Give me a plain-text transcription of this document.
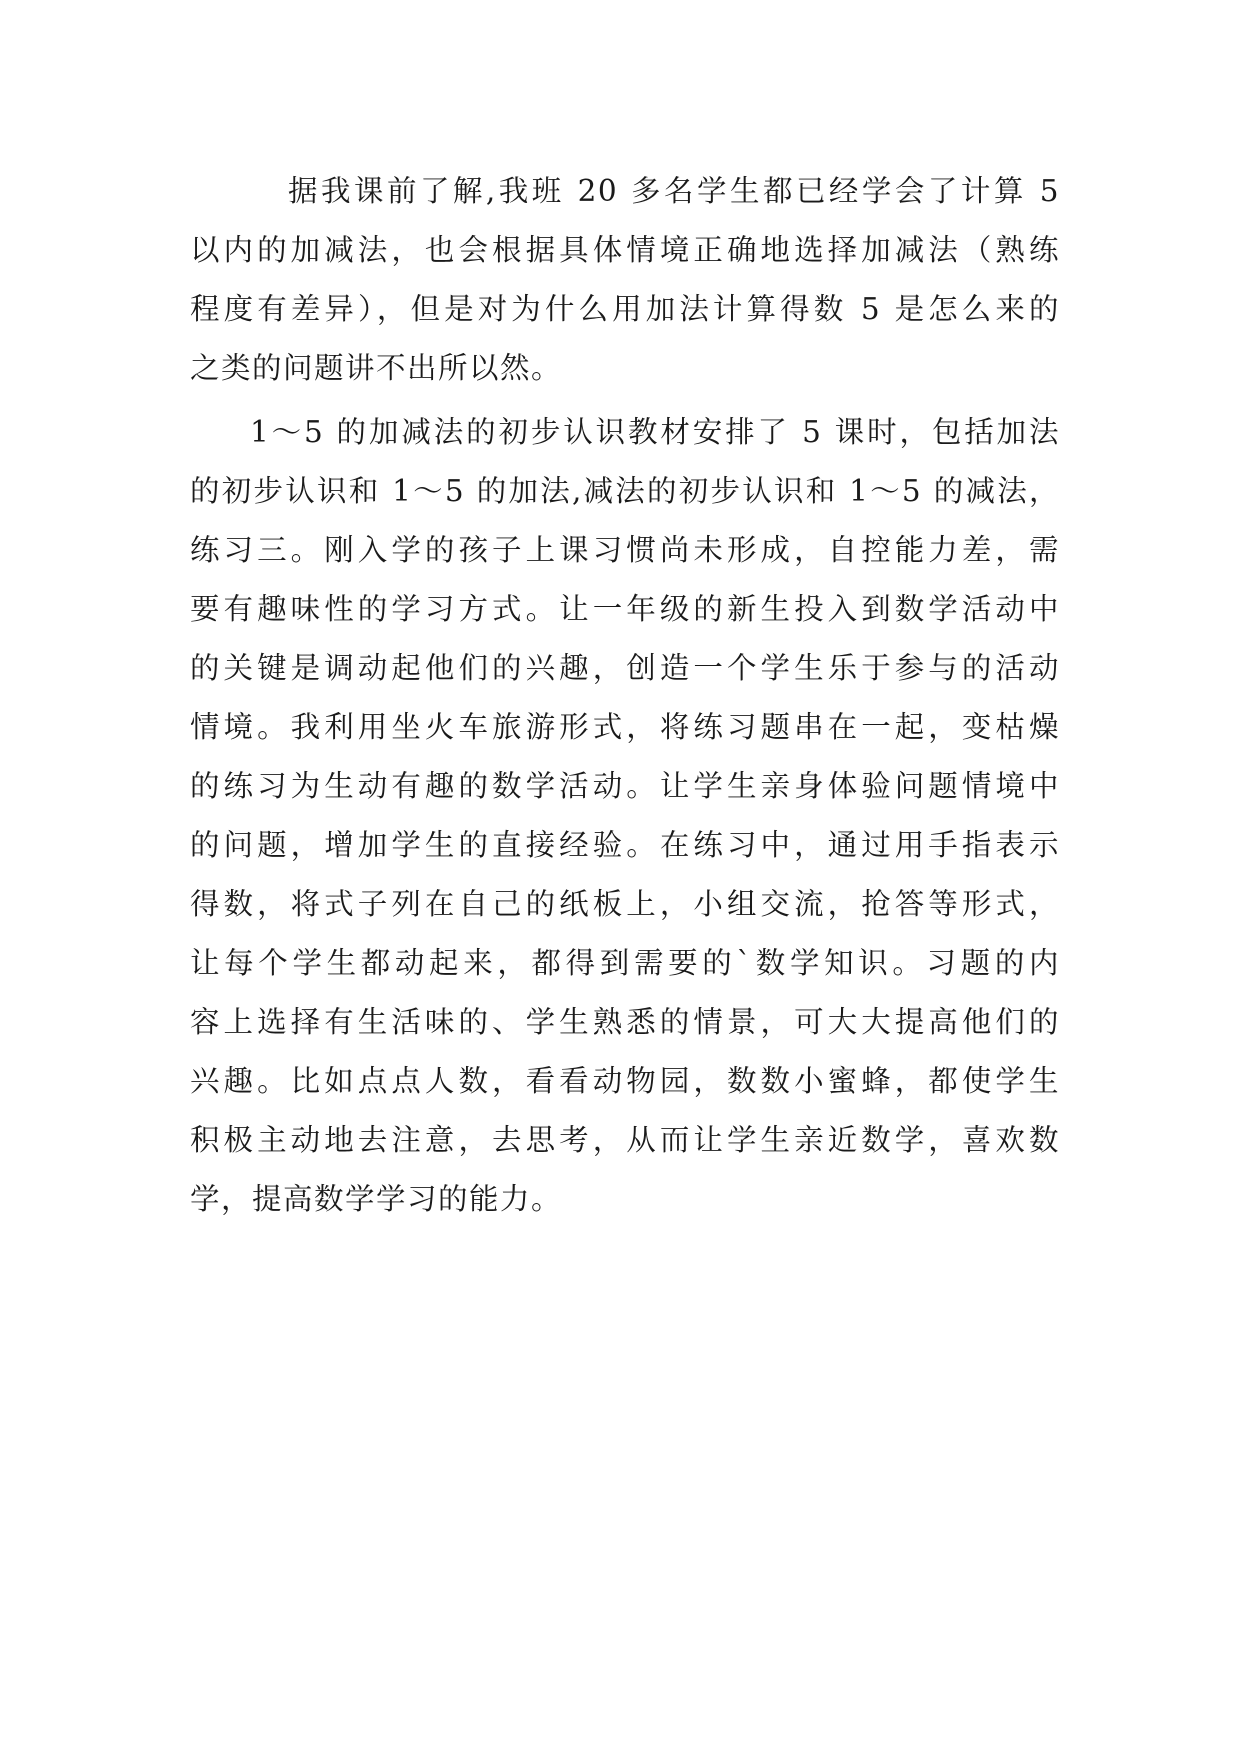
据我课前了解,我班 20 多名学生都已经学会了计算 5
以内的加减法，也会根据具体情境正确地选择加减法（熟练
程度有差异），但是对为什么用加法计算得数 5 是怎么来的
之类的问题讲不出所以然。
1～5 的加减法的初步认识教材安排了 5 课时，包括加法
的初步认识和 1～5 的加法,减法的初步认识和 1～5 的减法，
练习三。刚入学的孩子上课习惯尚未形成，自控能力差，需
要有趣味性的学习方式。让一年级的新生投入到数学活动中
的关键是调动起他们的兴趣，创造一个学生乐于参与的活动
情境。我利用坐火车旅游形式，将练习题串在一起，变枯燥
的练习为生动有趣的数学活动。让学生亲身体验问题情境中
的问题，增加学生的直接经验。在练习中，通过用手指表示
得数，将式子列在自己的纸板上，小组交流，抢答等形式，
让每个学生都动起来，都得到需要的`数学知识。习题的内
容上选择有生活味的、学生熟悉的情景，可大大提高他们的
兴趣。比如点点人数，看看动物园，数数小蜜蜂，都使学生
积极主动地去注意，去思考，从而让学生亲近数学，喜欢数
学，提高数学学习的能力。
